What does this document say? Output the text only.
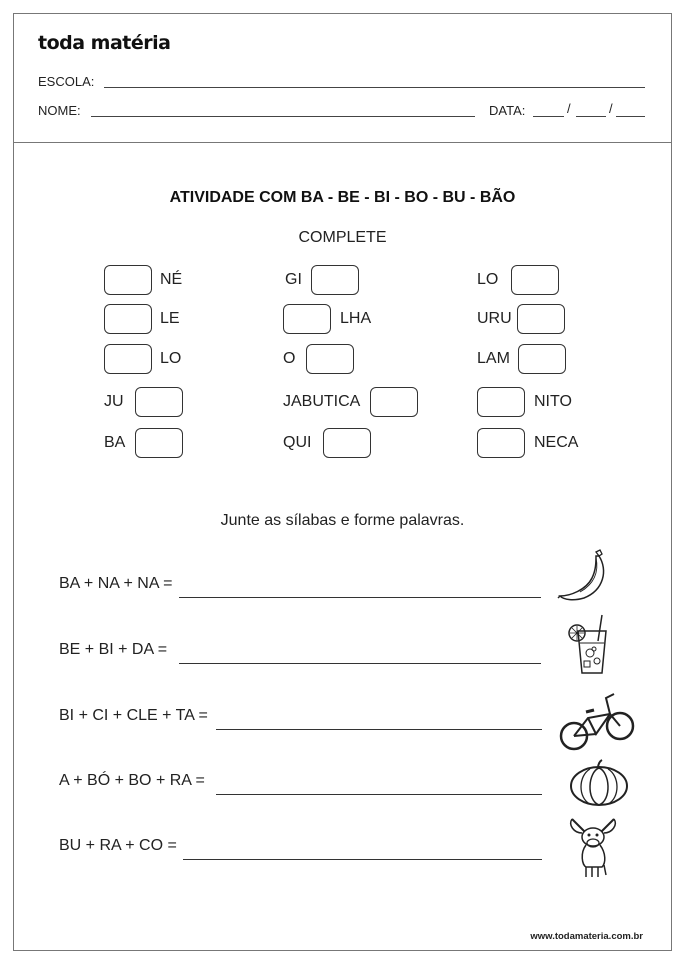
toda matéria
ESCOLA:
NOME:	DATA:	/	/
ATIVIDADE COM BA - BE - BI - BO - BU - BÃO
COMPLETE
NÉ	GI	LO
LE	LHA	URU
LO	O	LAM
JU	JABUTICA	NITO
BA	QUI	NECA
Junte as sílabas e forme palavras.
BA + NA + NA =
BE + BI + DA =
BI + CI + CLE + TA =
A + BÓ + BO + RA =
BU + RA + CO =
www.todamateria.com.br
